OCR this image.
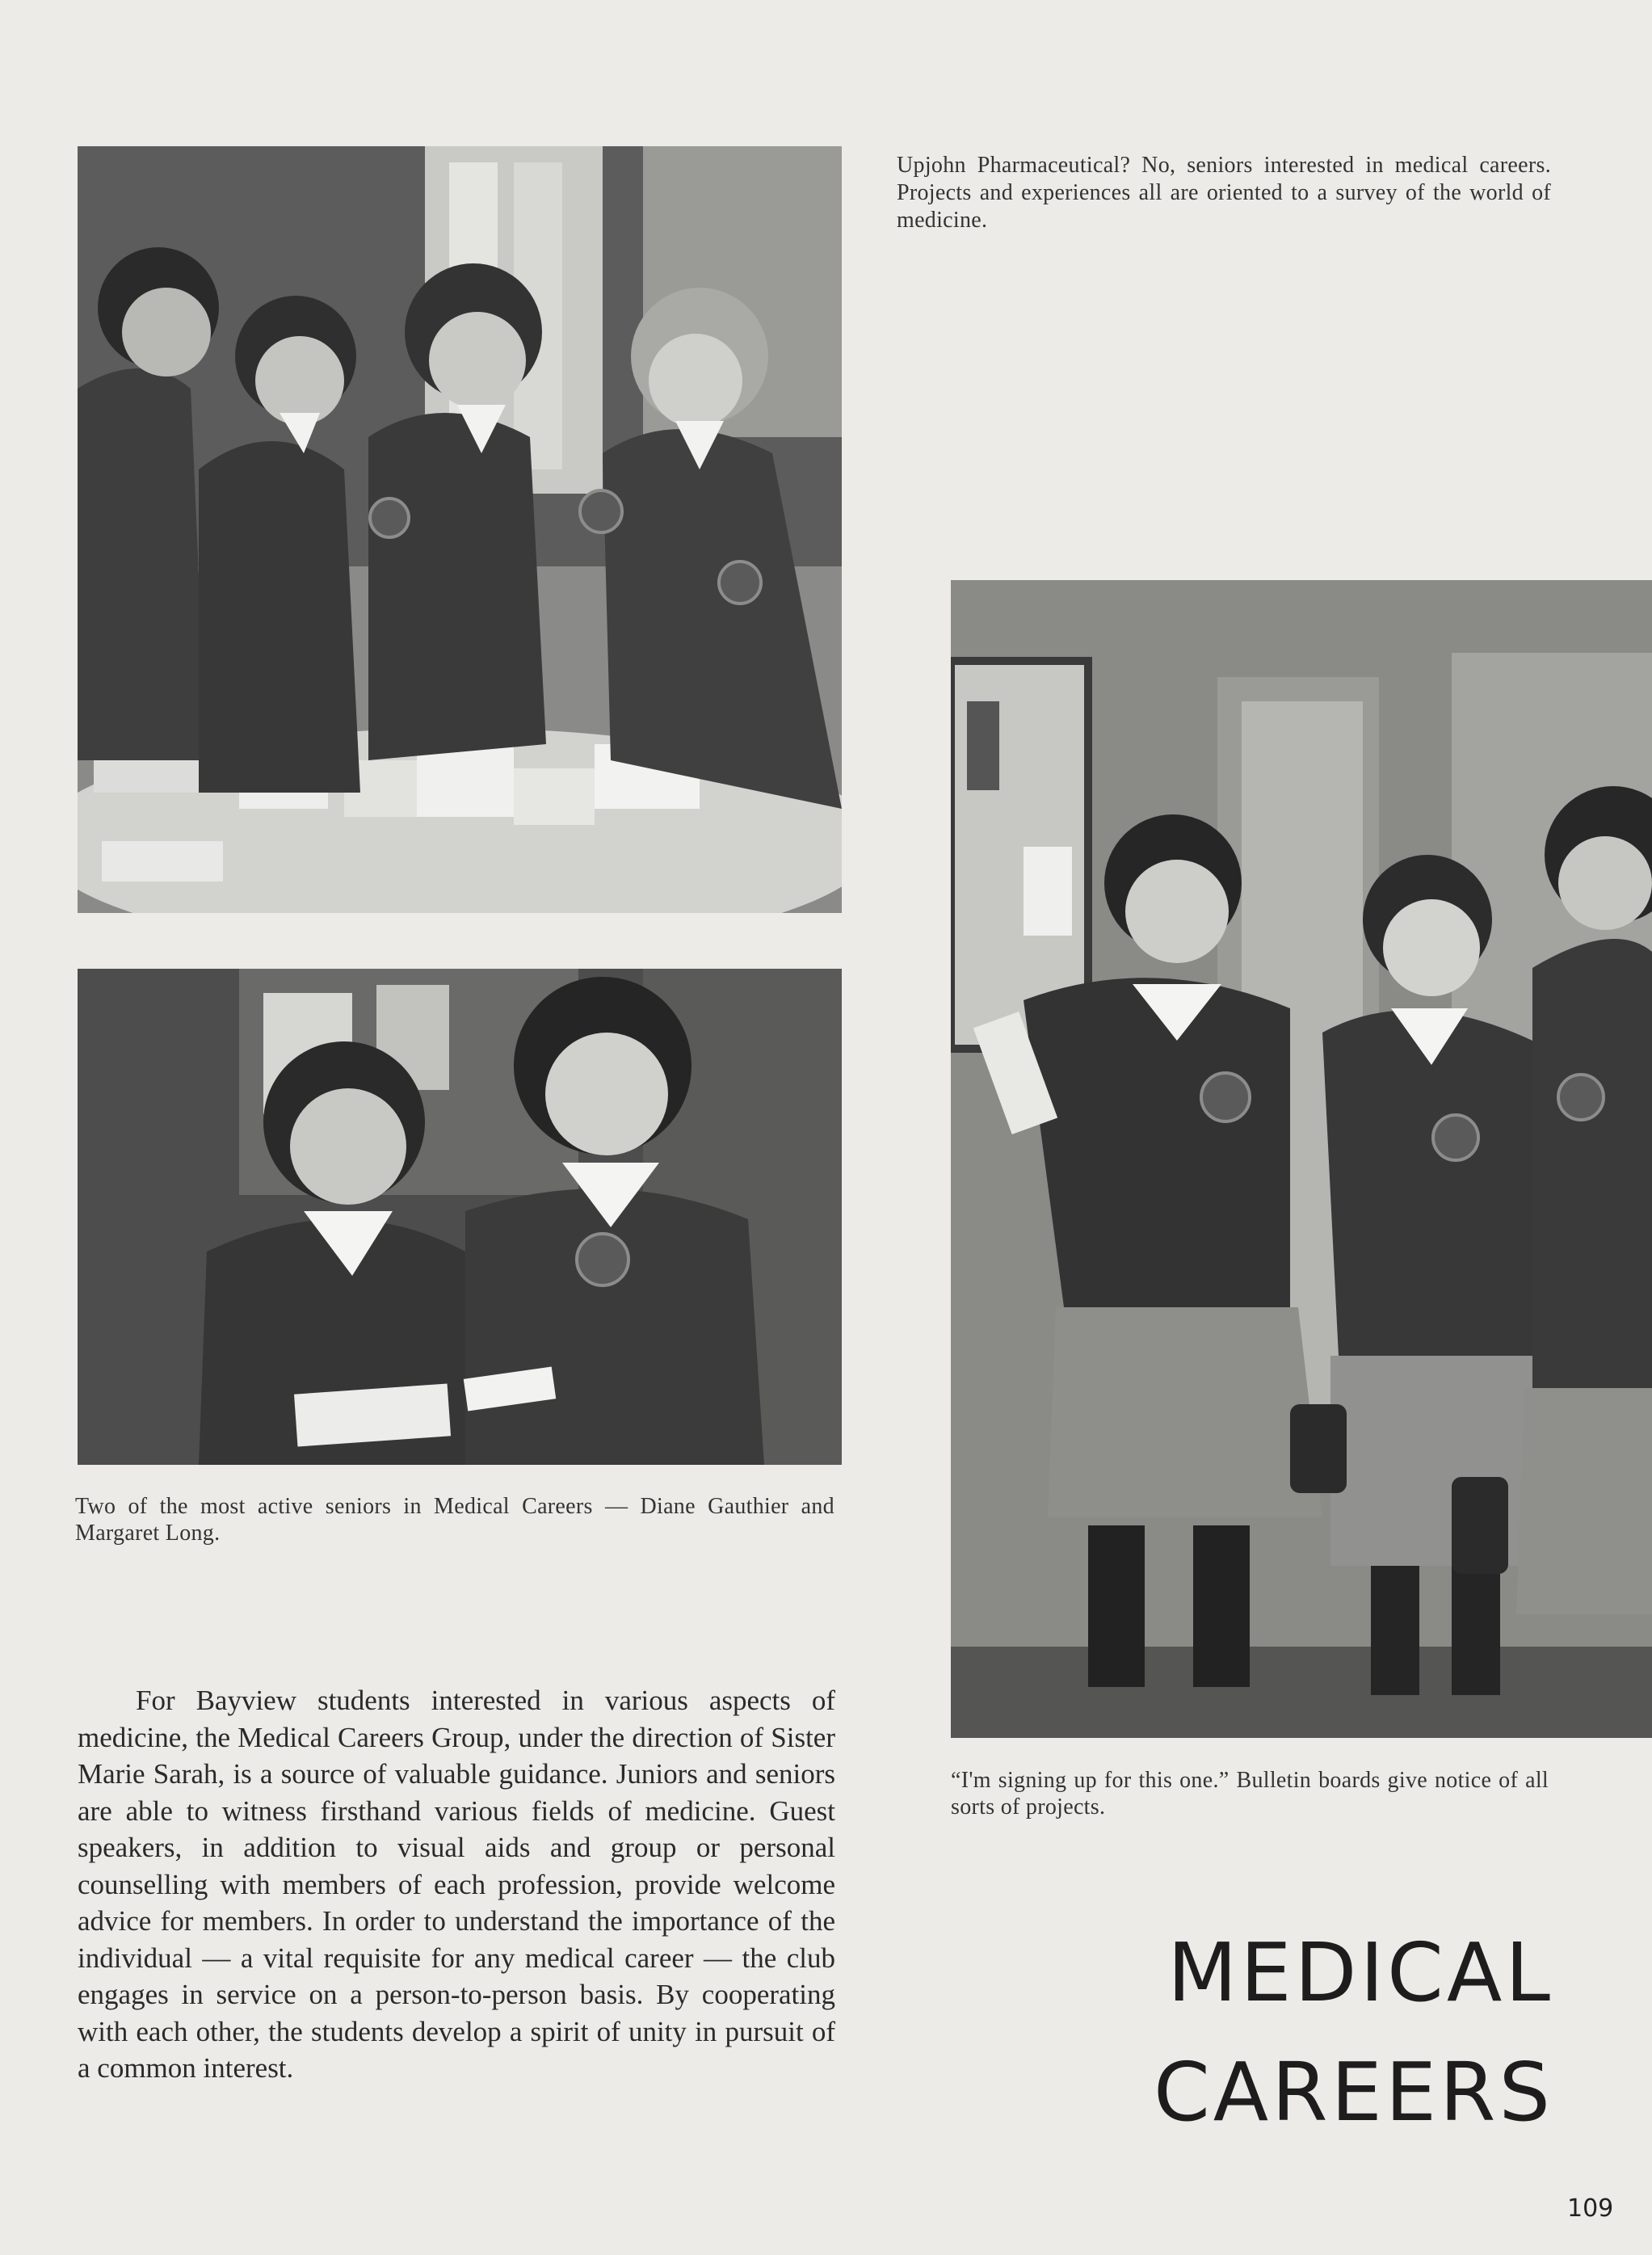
Upjohn Pharmaceutical? No, seniors interested in medical careers. Projects and experiences all are oriented to a survey of the world of medicine.
Two of the most active seniors in Medical Careers — Diane Gauthier and Margaret Long.
“I'm signing up for this one.” Bulletin boards give notice of all sorts of projects.

For Bayview students interested in various aspects of medicine, the Medical Careers Group, under the direction of Sister Marie Sarah, is a source of valuable guidance. Juniors and seniors are able to witness firsthand various fields of medicine. Guest speakers, in addition to visual aids and group or personal counselling with members of each profession, provide welcome advice for members. In order to understand the importance of the individual — a vital requisite for any medical career — the club engages in service on a person-to-person basis. By cooperating with each other, the students develop a spirit of unity in pursuit of a common interest.

MEDICAL
CAREERS
109
